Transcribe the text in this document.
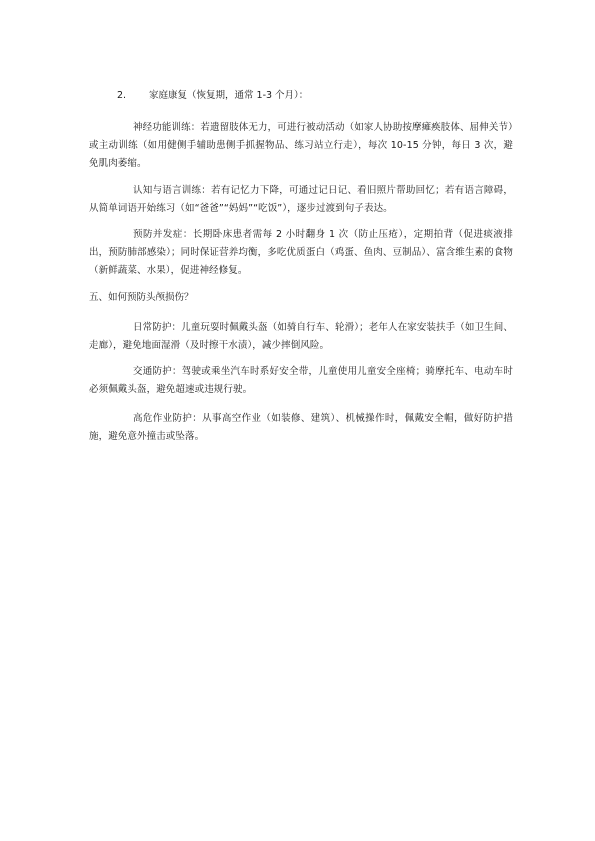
2. 家庭康复（恢复期，通常 1-3 个月）：
神经功能训练：若遗留肢体无力，可进行被动活动（如家人协助按摩瘫痪肢体、屈伸关节）或主动训练（如用健侧手辅助患侧手抓握物品、练习站立行走），每次 10-15 分钟，每日 3 次，避免肌肉萎缩。
认知与语言训练：若有记忆力下降，可通过记日记、看旧照片帮助回忆；若有语言障碍，从简单词语开始练习（如“爸爸”“妈妈”“吃饭”），逐步过渡到句子表达。
预防并发症：长期卧床患者需每 2 小时翻身 1 次（防止压疮），定期拍背（促进痰液排出，预防肺部感染）；同时保证营养均衡，多吃优质蛋白（鸡蛋、鱼肉、豆制品）、富含维生素的食物（新鲜蔬菜、水果），促进神经修复。
五、如何预防头颅损伤？
日常防护：儿童玩耍时佩戴头盔（如骑自行车、轮滑）；老年人在家安装扶手（如卫生间、走廊），避免地面湿滑（及时擦干水渍），减少摔倒风险。
交通防护：驾驶或乘坐汽车时系好安全带，儿童使用儿童安全座椅；骑摩托车、电动车时必须佩戴头盔，避免超速或违规行驶。
高危作业防护：从事高空作业（如装修、建筑）、机械操作时，佩戴安全帽，做好防护措施，避免意外撞击或坠落。
